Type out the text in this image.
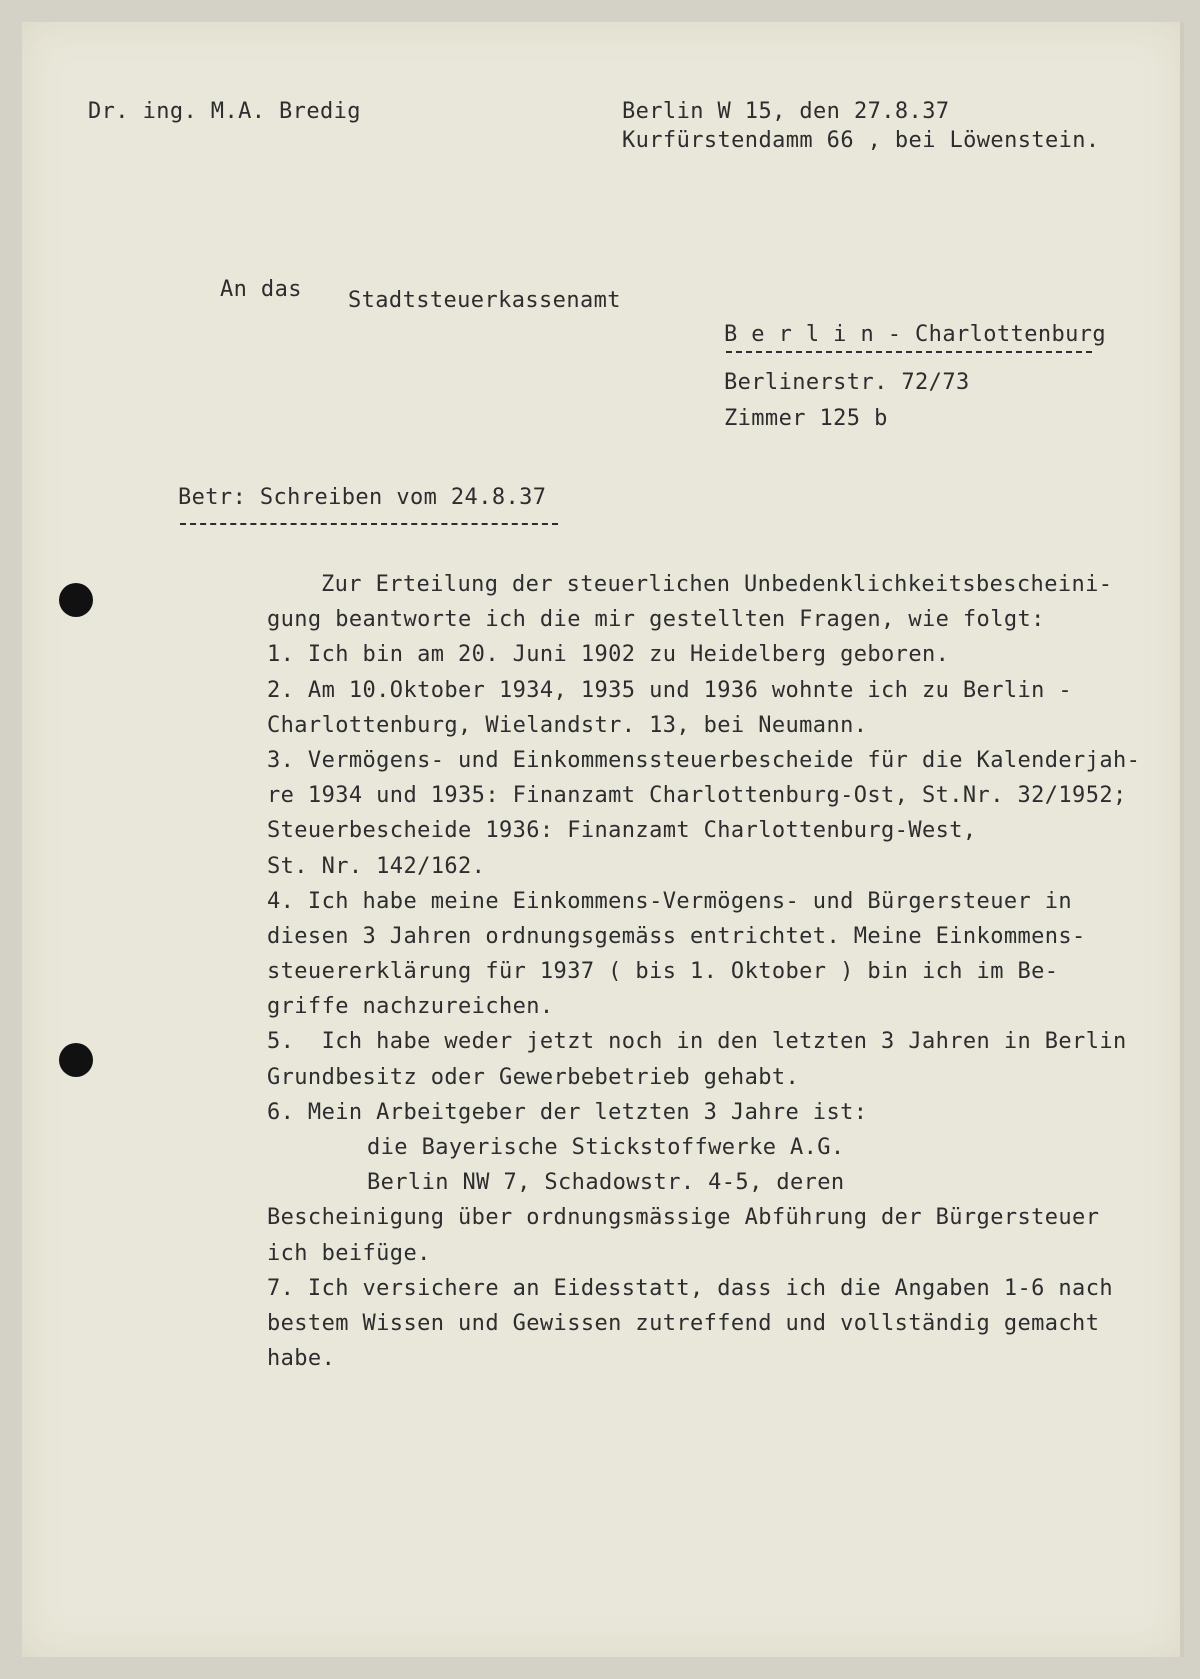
Dr. ing. M.A. Bredig	Berlin W 15, den 27.8.37
Kurfürstendamm 66 , bei Löwenstein.
An das Stadtsteuerkassenamt
B e r l i n - Charlottenburg
Berlinerstr. 72/73
Zimmer 125 b
Betr: Schreiben vom 24.8.37
Zur Erteilung der steuerlichen Unbedenklichkeitsbescheini-
gung beantworte ich die mir gestellten Fragen, wie folgt:
1. Ich bin am 20. Juni 1902 zu Heidelberg geboren.
2. Am 10.Oktober 1934, 1935 und 1936 wohnte ich zu Berlin -
Charlottenburg, Wielandstr. 13, bei Neumann.
3. Vermögens- und Einkommenssteuerbescheide für die Kalenderjah-
re 1934 und 1935: Finanzamt Charlottenburg-Ost, St.Nr. 32/1952;
Steuerbescheide 1936: Finanzamt Charlottenburg-West,
St. Nr. 142/162.
4. Ich habe meine Einkommens-Vermögens- und Bürgersteuer in
diesen 3 Jahren ordnungsgemäss entrichtet. Meine Einkommens-
steuererklärung für 1937 ( bis 1. Oktober ) bin ich im Be-
griffe nachzureichen.
5.  Ich habe weder jetzt noch in den letzten 3 Jahren in Berlin
Grundbesitz oder Gewerbebetrieb gehabt.
6. Mein Arbeitgeber der letzten 3 Jahre ist:
die Bayerische Stickstoffwerke A.G.
Berlin NW 7, Schadowstr. 4-5, deren
Bescheinigung über ordnungsmässige Abführung der Bürgersteuer
ich beifüge.
7. Ich versichere an Eidesstatt, dass ich die Angaben 1-6 nach
bestem Wissen und Gewissen zutreffend und vollständig gemacht
habe.
